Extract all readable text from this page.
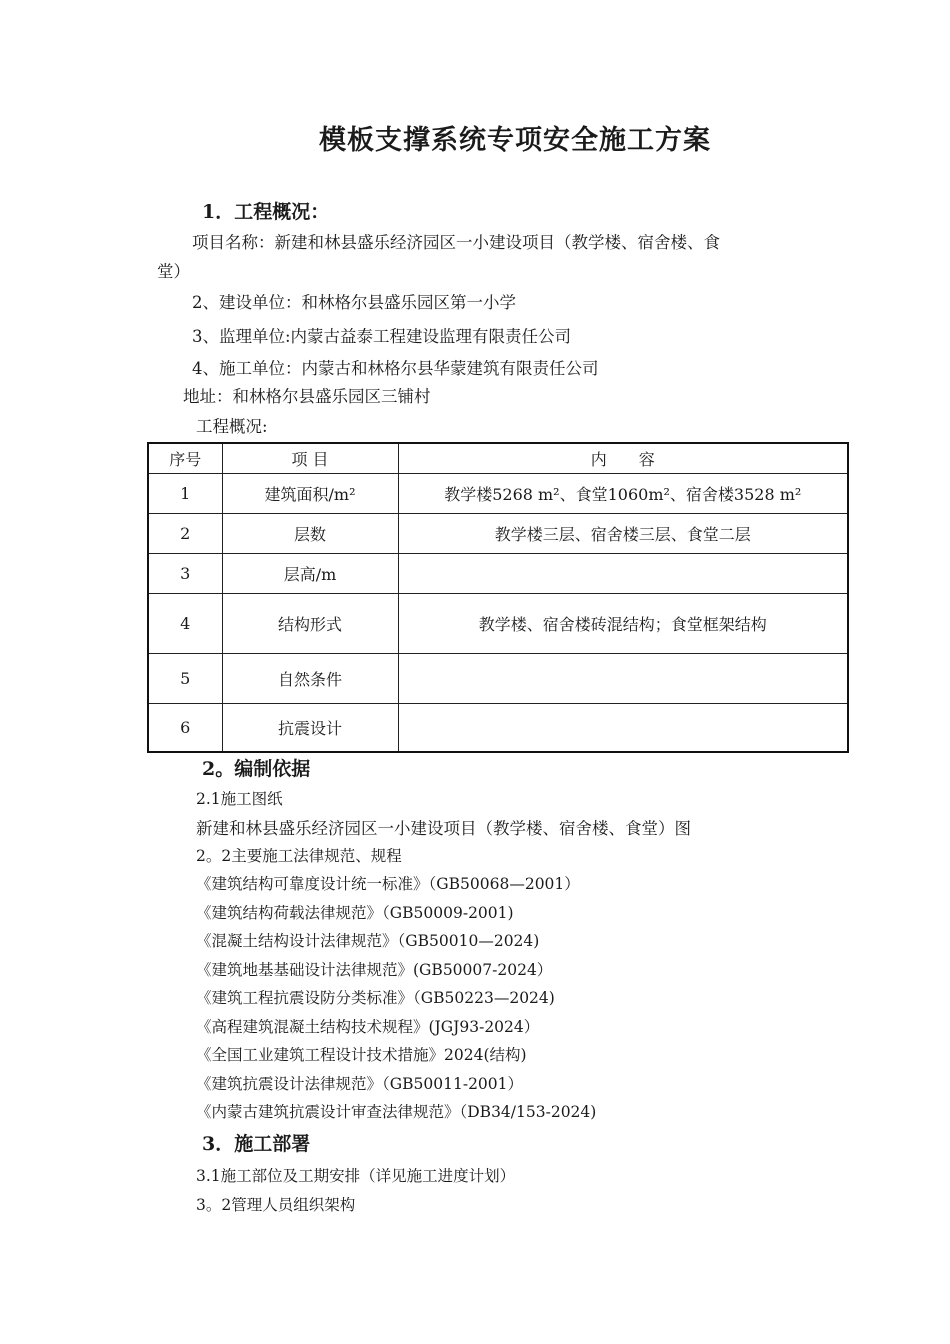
模板支撑系统专项安全施工方案
1．工程概况：
项目名称：新建和林县盛乐经济园区一小建设项目（教学楼、宿舍楼、食
堂）
2、建设单位：和林格尔县盛乐园区第一小学
3、监理单位:内蒙古益泰工程建设监理有限责任公司
4、施工单位：内蒙古和林格尔县华蒙建筑有限责任公司
地址：和林格尔县盛乐园区三铺村
工程概况:
序号	项 目	内　　容
1	建筑面积/m²	教学楼5268 m²、食堂1060m²、宿舍楼3528 m²
2	层数	教学楼三层、宿舍楼三层、食堂二层
3	层高/m	
4	结构形式	教学楼、宿舍楼砖混结构；食堂框架结构
5	自然条件	
6	抗震设计	
2。编制依据
2.1施工图纸
新建和林县盛乐经济园区一小建设项目（教学楼、宿舍楼、食堂）图
2。2主要施工法律规范、规程
《建筑结构可靠度设计统一标准》（GB50068—2001）
《建筑结构荷载法律规范》（GB50009-2001)
《混凝土结构设计法律规范》（GB50010—2024)
《建筑地基基础设计法律规范》(GB50007-2024）
《建筑工程抗震设防分类标准》（GB50223—2024)
《高程建筑混凝土结构技术规程》(JGJ93-2024）
《全国工业建筑工程设计技术措施》2024(结构)
《建筑抗震设计法律规范》（GB50011-2001）
《内蒙古建筑抗震设计审查法律规范》（DB34/153-2024)
3．施工部署
3.1施工部位及工期安排（详见施工进度计划）
3。2管理人员组织架构
